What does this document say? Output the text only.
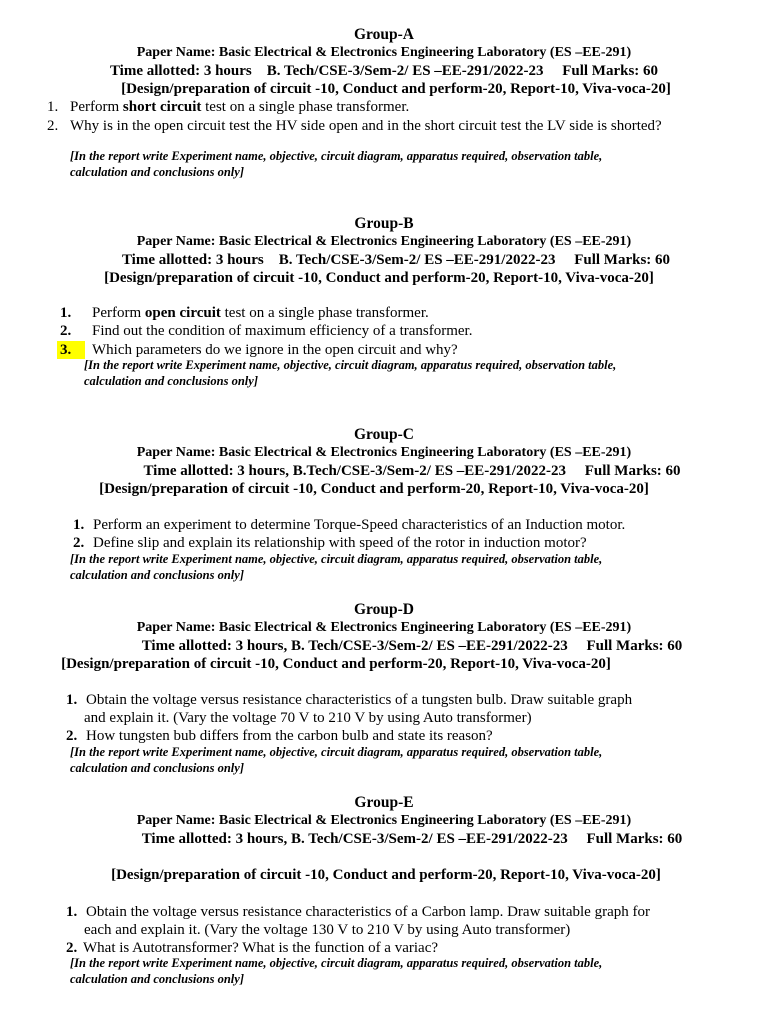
Group-A
Paper Name: Basic Electrical & Electronics Engineering Laboratory (ES –EE-291)
Time allotted: 3 hours    B. Tech/CSE-3/Sem-2/ ES –EE-291/2022-23     Full Marks: 60
[Design/preparation of circuit -10, Conduct and perform-20, Report-10, Viva-voca-20]
1. Perform short circuit test on a single phase transformer.
2. Why is in the open circuit test the HV side open and in the short circuit test the LV side is shorted?
[In the report write Experiment name, objective, circuit diagram, apparatus required, observation table,
calculation and conclusions only]
Group-B
Paper Name: Basic Electrical & Electronics Engineering Laboratory (ES –EE-291)
Time allotted: 3 hours    B. Tech/CSE-3/Sem-2/ ES –EE-291/2022-23     Full Marks: 60
[Design/preparation of circuit -10, Conduct and perform-20, Report-10, Viva-voca-20]
1. Perform open circuit test on a single phase transformer.
2. Find out the condition of maximum efficiency of a transformer.
3.	Which parameters do we ignore in the open circuit and why?
[In the report write Experiment name, objective, circuit diagram, apparatus required, observation table,
calculation and conclusions only]
Group-C
Paper Name: Basic Electrical & Electronics Engineering Laboratory (ES –EE-291)
Time allotted: 3 hours, B.Tech/CSE-3/Sem-2/ ES –EE-291/2022-23     Full Marks: 60
[Design/preparation of circuit -10, Conduct and perform-20, Report-10, Viva-voca-20]
1. Perform an experiment to determine Torque-Speed characteristics of an Induction motor.
2. Define slip and explain its relationship with speed of the rotor in induction motor?
[In the report write Experiment name, objective, circuit diagram, apparatus required, observation table,
calculation and conclusions only]
Group-D
Paper Name: Basic Electrical & Electronics Engineering Laboratory (ES –EE-291)
Time allotted: 3 hours, B. Tech/CSE-3/Sem-2/ ES –EE-291/2022-23     Full Marks: 60
[Design/preparation of circuit -10, Conduct and perform-20, Report-10, Viva-voca-20]
1. Obtain the voltage versus resistance characteristics of a tungsten bulb. Draw suitable graph
and explain it. (Vary the voltage 70 V to 210 V by using Auto transformer)
2. How tungsten bub differs from the carbon bulb and state its reason?
[In the report write Experiment name, objective, circuit diagram, apparatus required, observation table,
calculation and conclusions only]
Group-E
Paper Name: Basic Electrical & Electronics Engineering Laboratory (ES –EE-291)
Time allotted: 3 hours, B. Tech/CSE-3/Sem-2/ ES –EE-291/2022-23     Full Marks: 60
[Design/preparation of circuit -10, Conduct and perform-20, Report-10, Viva-voca-20]
1. Obtain the voltage versus resistance characteristics of a Carbon lamp. Draw suitable graph for
each and explain it. (Vary the voltage 130 V to 210 V by using Auto transformer)
2. What is Autotransformer? What is the function of a variac?
[In the report write Experiment name, objective, circuit diagram, apparatus required, observation table,
calculation and conclusions only]
